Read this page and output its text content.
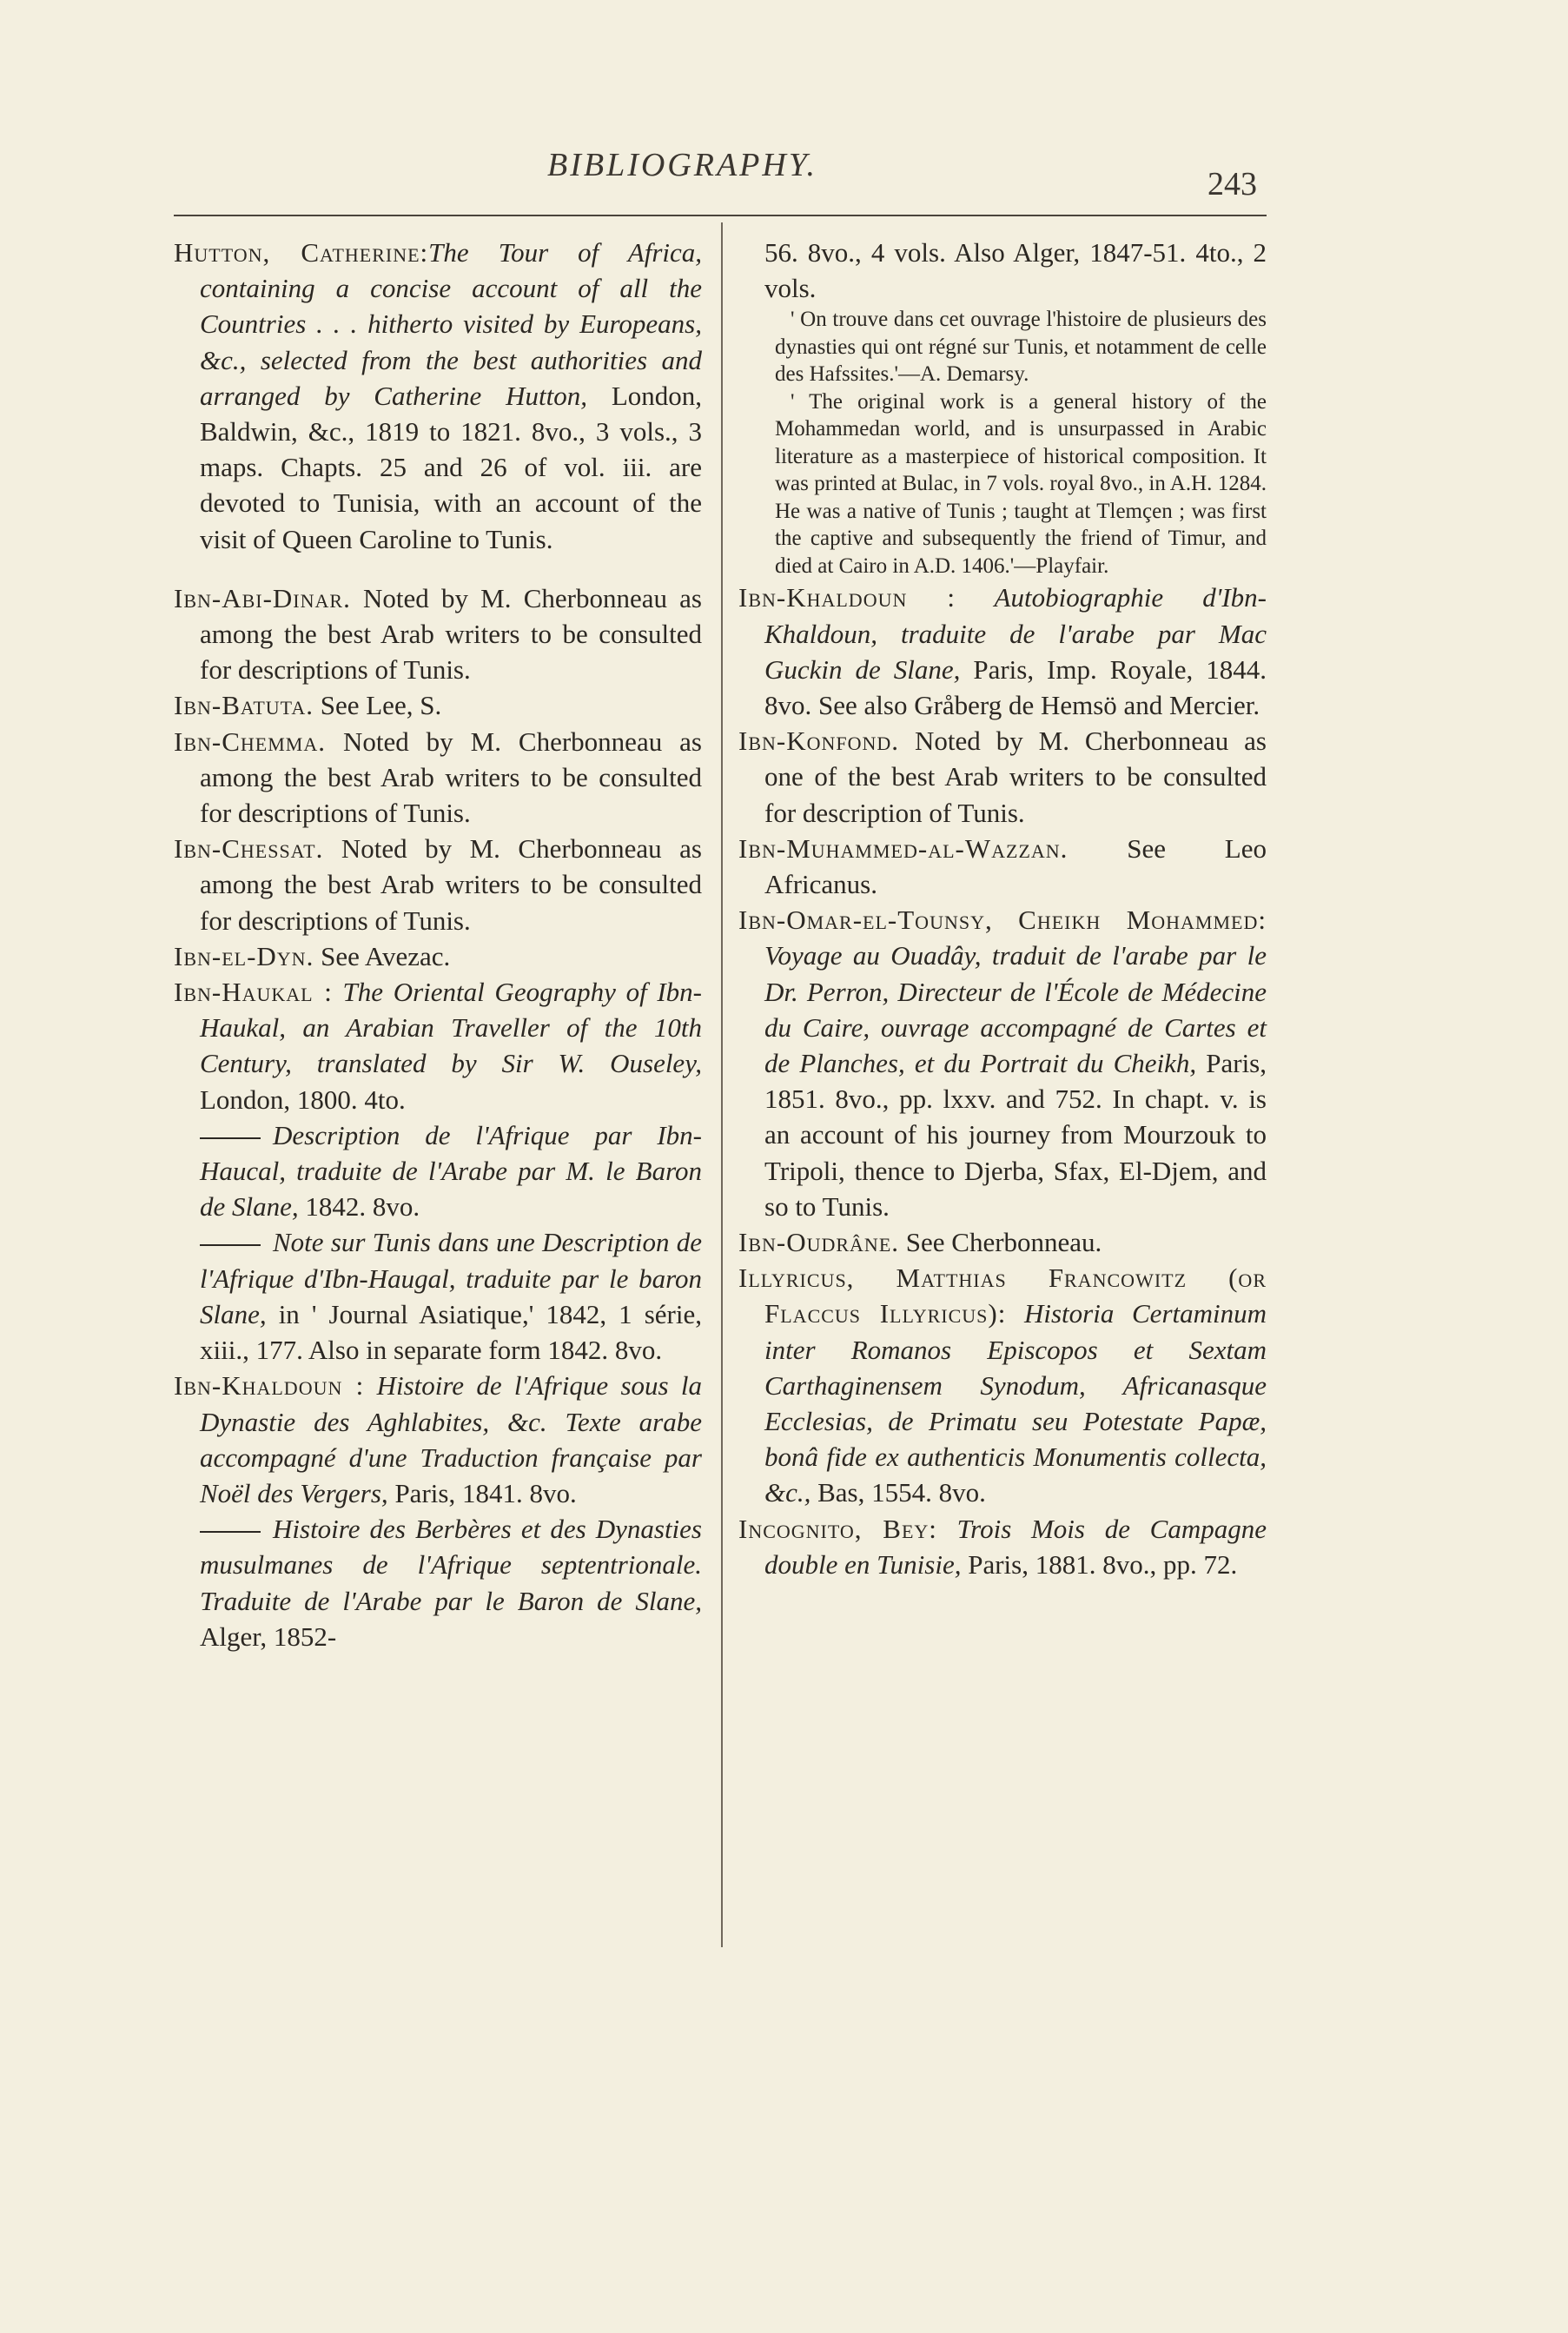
BIBLIOGRAPHY.
243
Hutton, Catherine:The Tour of Africa, containing a concise account of all the Countries . . . hitherto visited by Europeans, &c., selected from the best authorities and arranged by Catherine Hutton, London, Baldwin, &c., 1819 to 1821. 8vo., 3 vols., 3 maps. Chapts. 25 and 26 of vol. iii. are devoted to Tunisia, with an account of the visit of Queen Caroline to Tunis.
Ibn-Abi-Dinar. Noted by M. Cherbonneau as among the best Arab writers to be consulted for descriptions of Tunis.
Ibn-Batuta. See Lee, S.
Ibn-Chemma. Noted by M. Cherbonneau as among the best Arab writers to be consulted for descriptions of Tunis.
Ibn-Chessat. Noted by M. Cherbonneau as among the best Arab writers to be consulted for descriptions of Tunis.
Ibn-el-Dyn. See Avezac.
Ibn-Haukal : The Oriental Geography of Ibn-Haukal, an Arabian Traveller of the 10th Century, translated by Sir W. Ouseley, London, 1800. 4to.
Description de l'Afrique par Ibn-Haucal, traduite de l'Arabe par M. le Baron de Slane, 1842. 8vo.
Note sur Tunis dans une Description de l'Afrique d'Ibn-Haugal, traduite par le baron Slane, in ' Journal Asiatique,' 1842, 1 série, xiii., 177. Also in separate form 1842. 8vo.
Ibn-Khaldoun : Histoire de l'Afrique sous la Dynastie des Aghlabites, &c. Texte arabe accompagné d'une Traduction française par Noël des Vergers, Paris, 1841. 8vo.
Histoire des Berbères et des Dynasties musulmanes de l'Afrique septentrionale. Traduite de l'Arabe par le Baron de Slane, Alger, 1852-
56. 8vo., 4 vols. Also Alger, 1847-51. 4to., 2 vols.

' On trouve dans cet ouvrage l'histoire de plusieurs des dynasties qui ont régné sur Tunis, et notamment de celle des Hafssites.'—A. Demarsy.

' The original work is a general history of the Mohammedan world, and is unsurpassed in Arabic literature as a masterpiece of historical composition. It was printed at Bulac, in 7 vols. royal 8vo., in A.H. 1284. He was a native of Tunis ; taught at Tlemçen ; was first the captive and subsequently the friend of Timur, and died at Cairo in A.D. 1406.'—Playfair.

Ibn-Khaldoun : Autobiographie d'Ibn-Khaldoun, traduite de l'arabe par Mac Guckin de Slane, Paris, Imp. Royale, 1844. 8vo. See also Gråberg de Hemsö and Mercier.
Ibn-Konfond. Noted by M. Cherbonneau as one of the best Arab writers to be consulted for description of Tunis.
Ibn-Muhammed-al-Wazzan. See Leo Africanus.
Ibn-Omar-el-Tounsy, Cheikh Mohammed: Voyage au Ouadây, traduit de l'arabe par le Dr. Perron, Directeur de l'École de Médecine du Caire, ouvrage accompagné de Cartes et de Planches, et du Portrait du Cheikh, Paris, 1851. 8vo., pp. lxxv. and 752. In chapt. v. is an account of his journey from Mourzouk to Tripoli, thence to Djerba, Sfax, El-Djem, and so to Tunis.
Ibn-Oudrâne. See Cherbonneau.
Illyricus, Matthias Francowitz (or Flaccus Illyricus): Historia Certaminum inter Romanos Episcopos et Sextam Carthaginensem Synodum, Africanasque Ecclesias, de Primatu seu Potestate Papæ, bonâ fide ex authenticis Monumentis collecta, &c., Bas, 1554. 8vo.
Incognito, Bey: Trois Mois de Campagne double en Tunisie, Paris, 1881. 8vo., pp. 72.
